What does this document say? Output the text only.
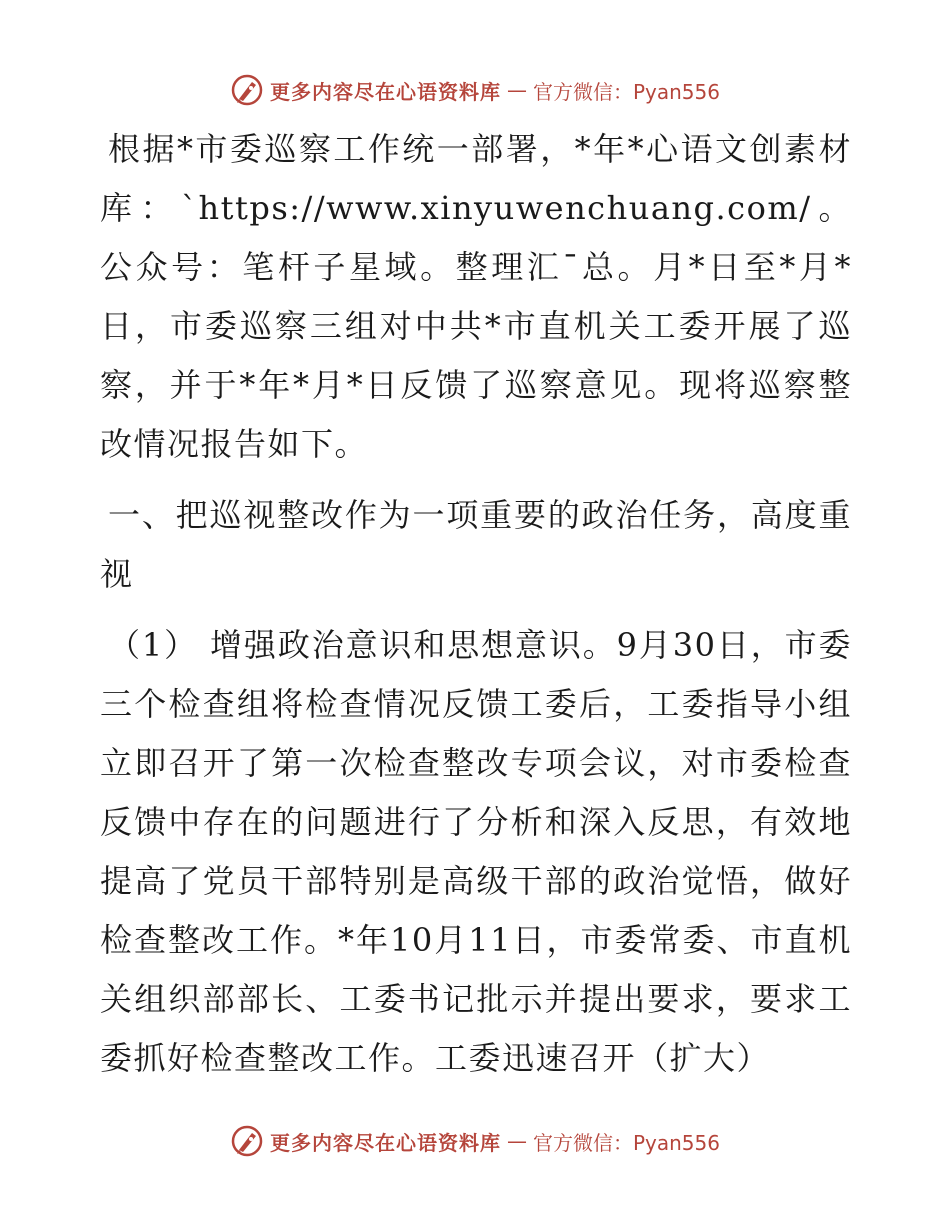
更多内容尽在心语资料库 — 官方微信：Pyan556

根据*市委巡察工作统一部署，*年*心语文创素材库：`https://www.xinyuwenchuang.com/。公众号：笔杆子星域。整理汇¯总。月*日至*月*日，市委巡察三组对中共*市直机关工委开展了巡察，并于*年*月*日反馈了巡察意见。现将巡察整改情况报告如下。

一、把巡视整改作为一项重要的政治任务，高度重视

（1） 增强政治意识和思想意识。9月30日，市委三个检查组将检查情况反馈工委后，工委指导小组立即召开了第一次检查整改专项会议，对市委检查反馈中存在的问题进行了分析和深入反思，有效地提高了党员干部特别是高级干部的政治觉悟，做好检查整改工作。*年10月11日，市委常委、市直机关组织部部长、工委书记批示并提出要求，要求工委抓好检查整改工作。工委迅速召开（扩大）

更多内容尽在心语资料库 — 官方微信：Pyan556
